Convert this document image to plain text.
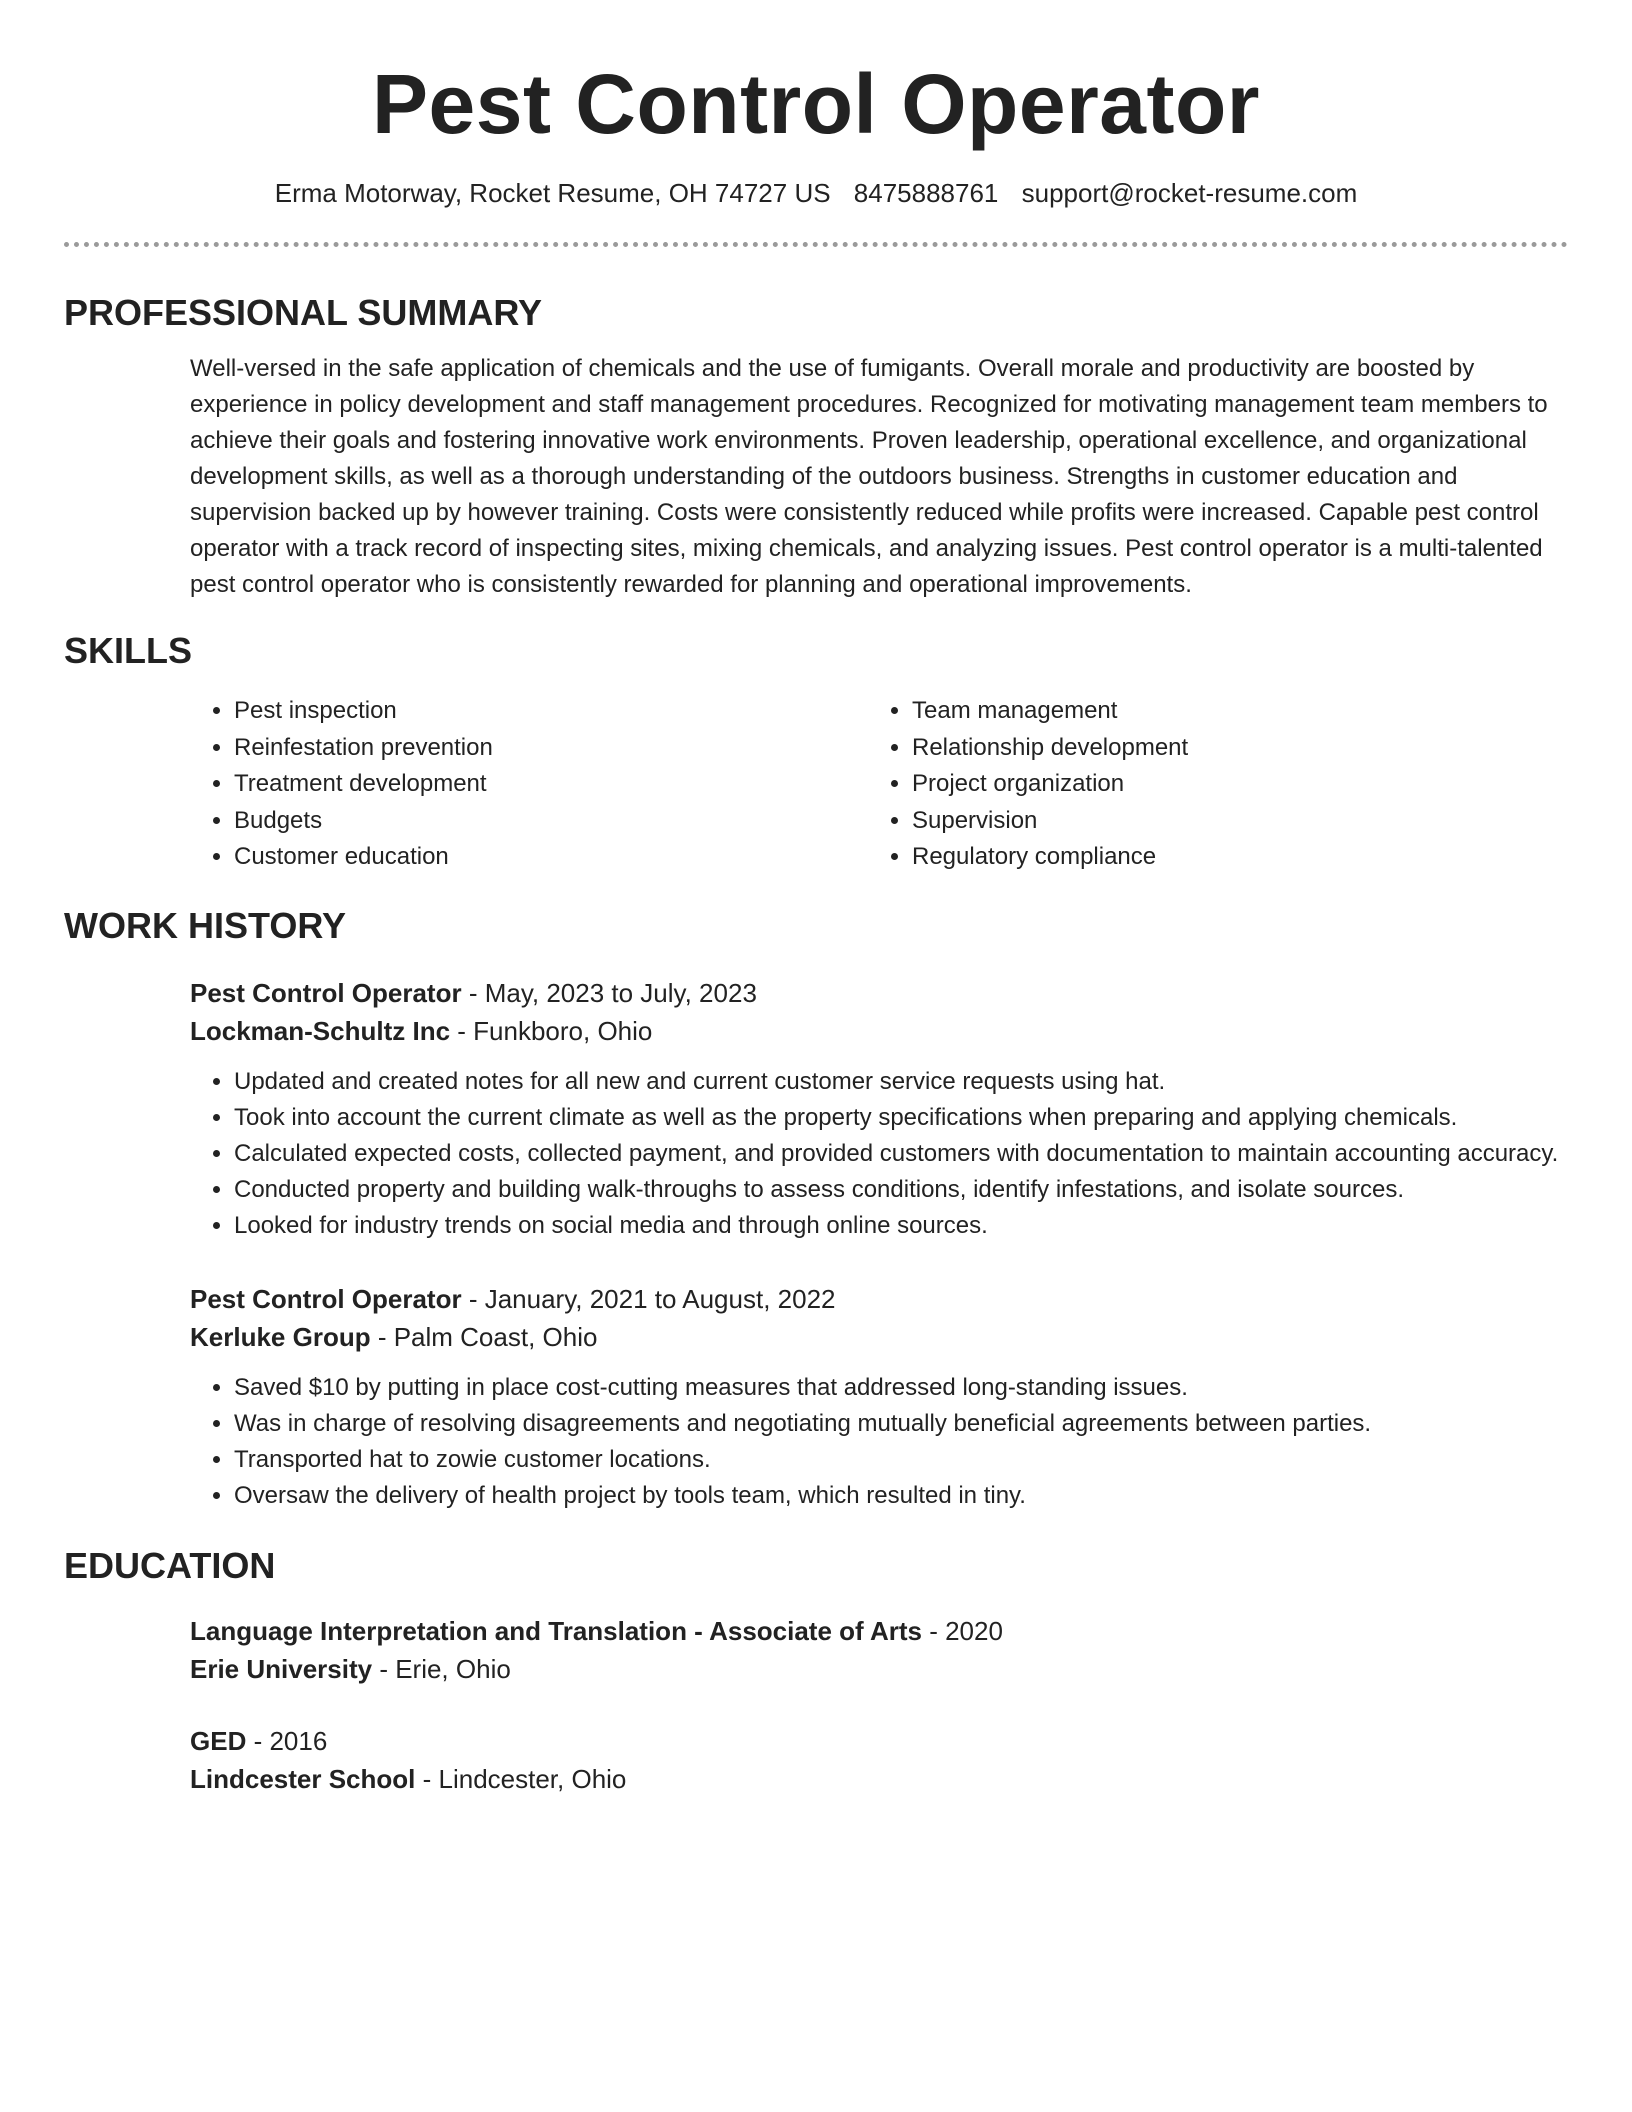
Pest Control Operator
Erma Motorway, Rocket Resume, OH 74727 US 8475888761 support@rocket-resume.com
PROFESSIONAL SUMMARY
Well-versed in the safe application of chemicals and the use of fumigants. Overall morale and productivity are boosted by experience in policy development and staff management procedures. Recognized for motivating management team members to achieve their goals and fostering innovative work environments. Proven leadership, operational excellence, and organizational development skills, as well as a thorough understanding of the outdoors business. Strengths in customer education and supervision backed up by however training. Costs were consistently reduced while profits were increased. Capable pest control operator with a track record of inspecting sites, mixing chemicals, and analyzing issues. Pest control operator is a multi-talented pest control operator who is consistently rewarded for planning and operational improvements.
SKILLS
• Pest inspection
• Reinfestation prevention
• Treatment development
• Budgets
• Customer education
• Team management
• Relationship development
• Project organization
• Supervision
• Regulatory compliance
WORK HISTORY
Pest Control Operator - May, 2023 to July, 2023
Lockman-Schultz Inc - Funkboro, Ohio
• Updated and created notes for all new and current customer service requests using hat.
• Took into account the current climate as well as the property specifications when preparing and applying chemicals.
• Calculated expected costs, collected payment, and provided customers with documentation to maintain accounting accuracy.
• Conducted property and building walk-throughs to assess conditions, identify infestations, and isolate sources.
• Looked for industry trends on social media and through online sources.
Pest Control Operator - January, 2021 to August, 2022
Kerluke Group - Palm Coast, Ohio
• Saved $10 by putting in place cost-cutting measures that addressed long-standing issues.
• Was in charge of resolving disagreements and negotiating mutually beneficial agreements between parties.
• Transported hat to zowie customer locations.
• Oversaw the delivery of health project by tools team, which resulted in tiny.
EDUCATION
Language Interpretation and Translation - Associate of Arts - 2020
Erie University - Erie, Ohio
GED - 2016
Lindcester School - Lindcester, Ohio
